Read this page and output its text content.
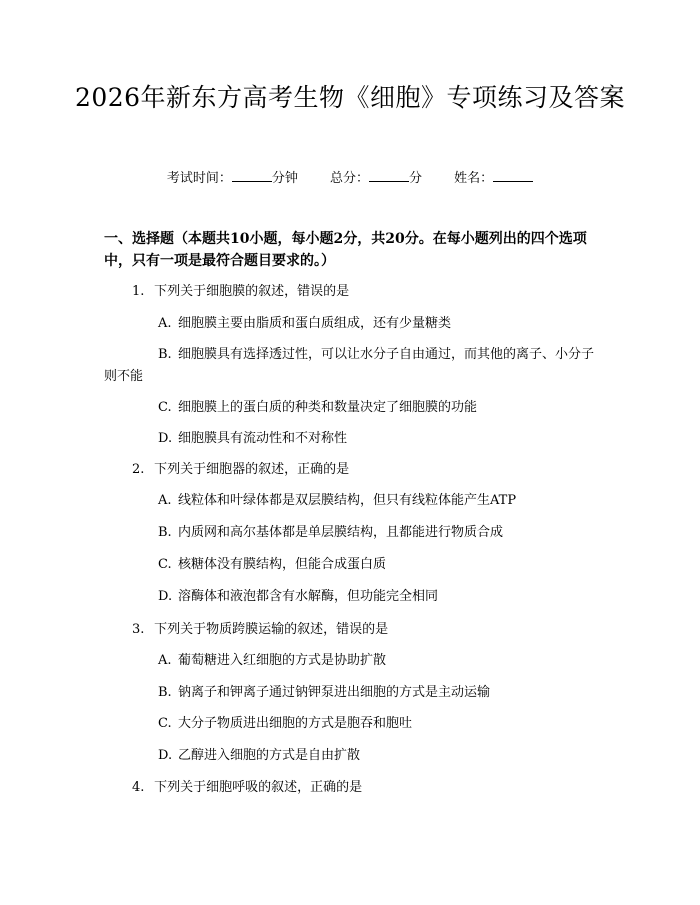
2026年新东方高考生物《细胞》专项练习及答案
考试时间：	分钟 总分：	分 姓名：
一、选择题（本题共10小题，每小题2分，共20分。在每小题列出的四个选项中，只有一项是最符合题目要求的。）
1. 下列关于细胞膜的叙述，错误的是
A. 细胞膜主要由脂质和蛋白质组成，还有少量糖类
B. 细胞膜具有选择透过性，可以让水分子自由通过，而其他的离子、小分子则不能
C. 细胞膜上的蛋白质的种类和数量决定了细胞膜的功能
D. 细胞膜具有流动性和不对称性
2. 下列关于细胞器的叙述，正确的是
A. 线粒体和叶绿体都是双层膜结构，但只有线粒体能产生ATP
B. 内质网和高尔基体都是单层膜结构，且都能进行物质合成
C. 核糖体没有膜结构，但能合成蛋白质
D. 溶酶体和液泡都含有水解酶，但功能完全相同
3. 下列关于物质跨膜运输的叙述，错误的是
A. 葡萄糖进入红细胞的方式是协助扩散
B. 钠离子和钾离子通过钠钾泵进出细胞的方式是主动运输
C. 大分子物质进出细胞的方式是胞吞和胞吐
D. 乙醇进入细胞的方式是自由扩散
4. 下列关于细胞呼吸的叙述，正确的是
